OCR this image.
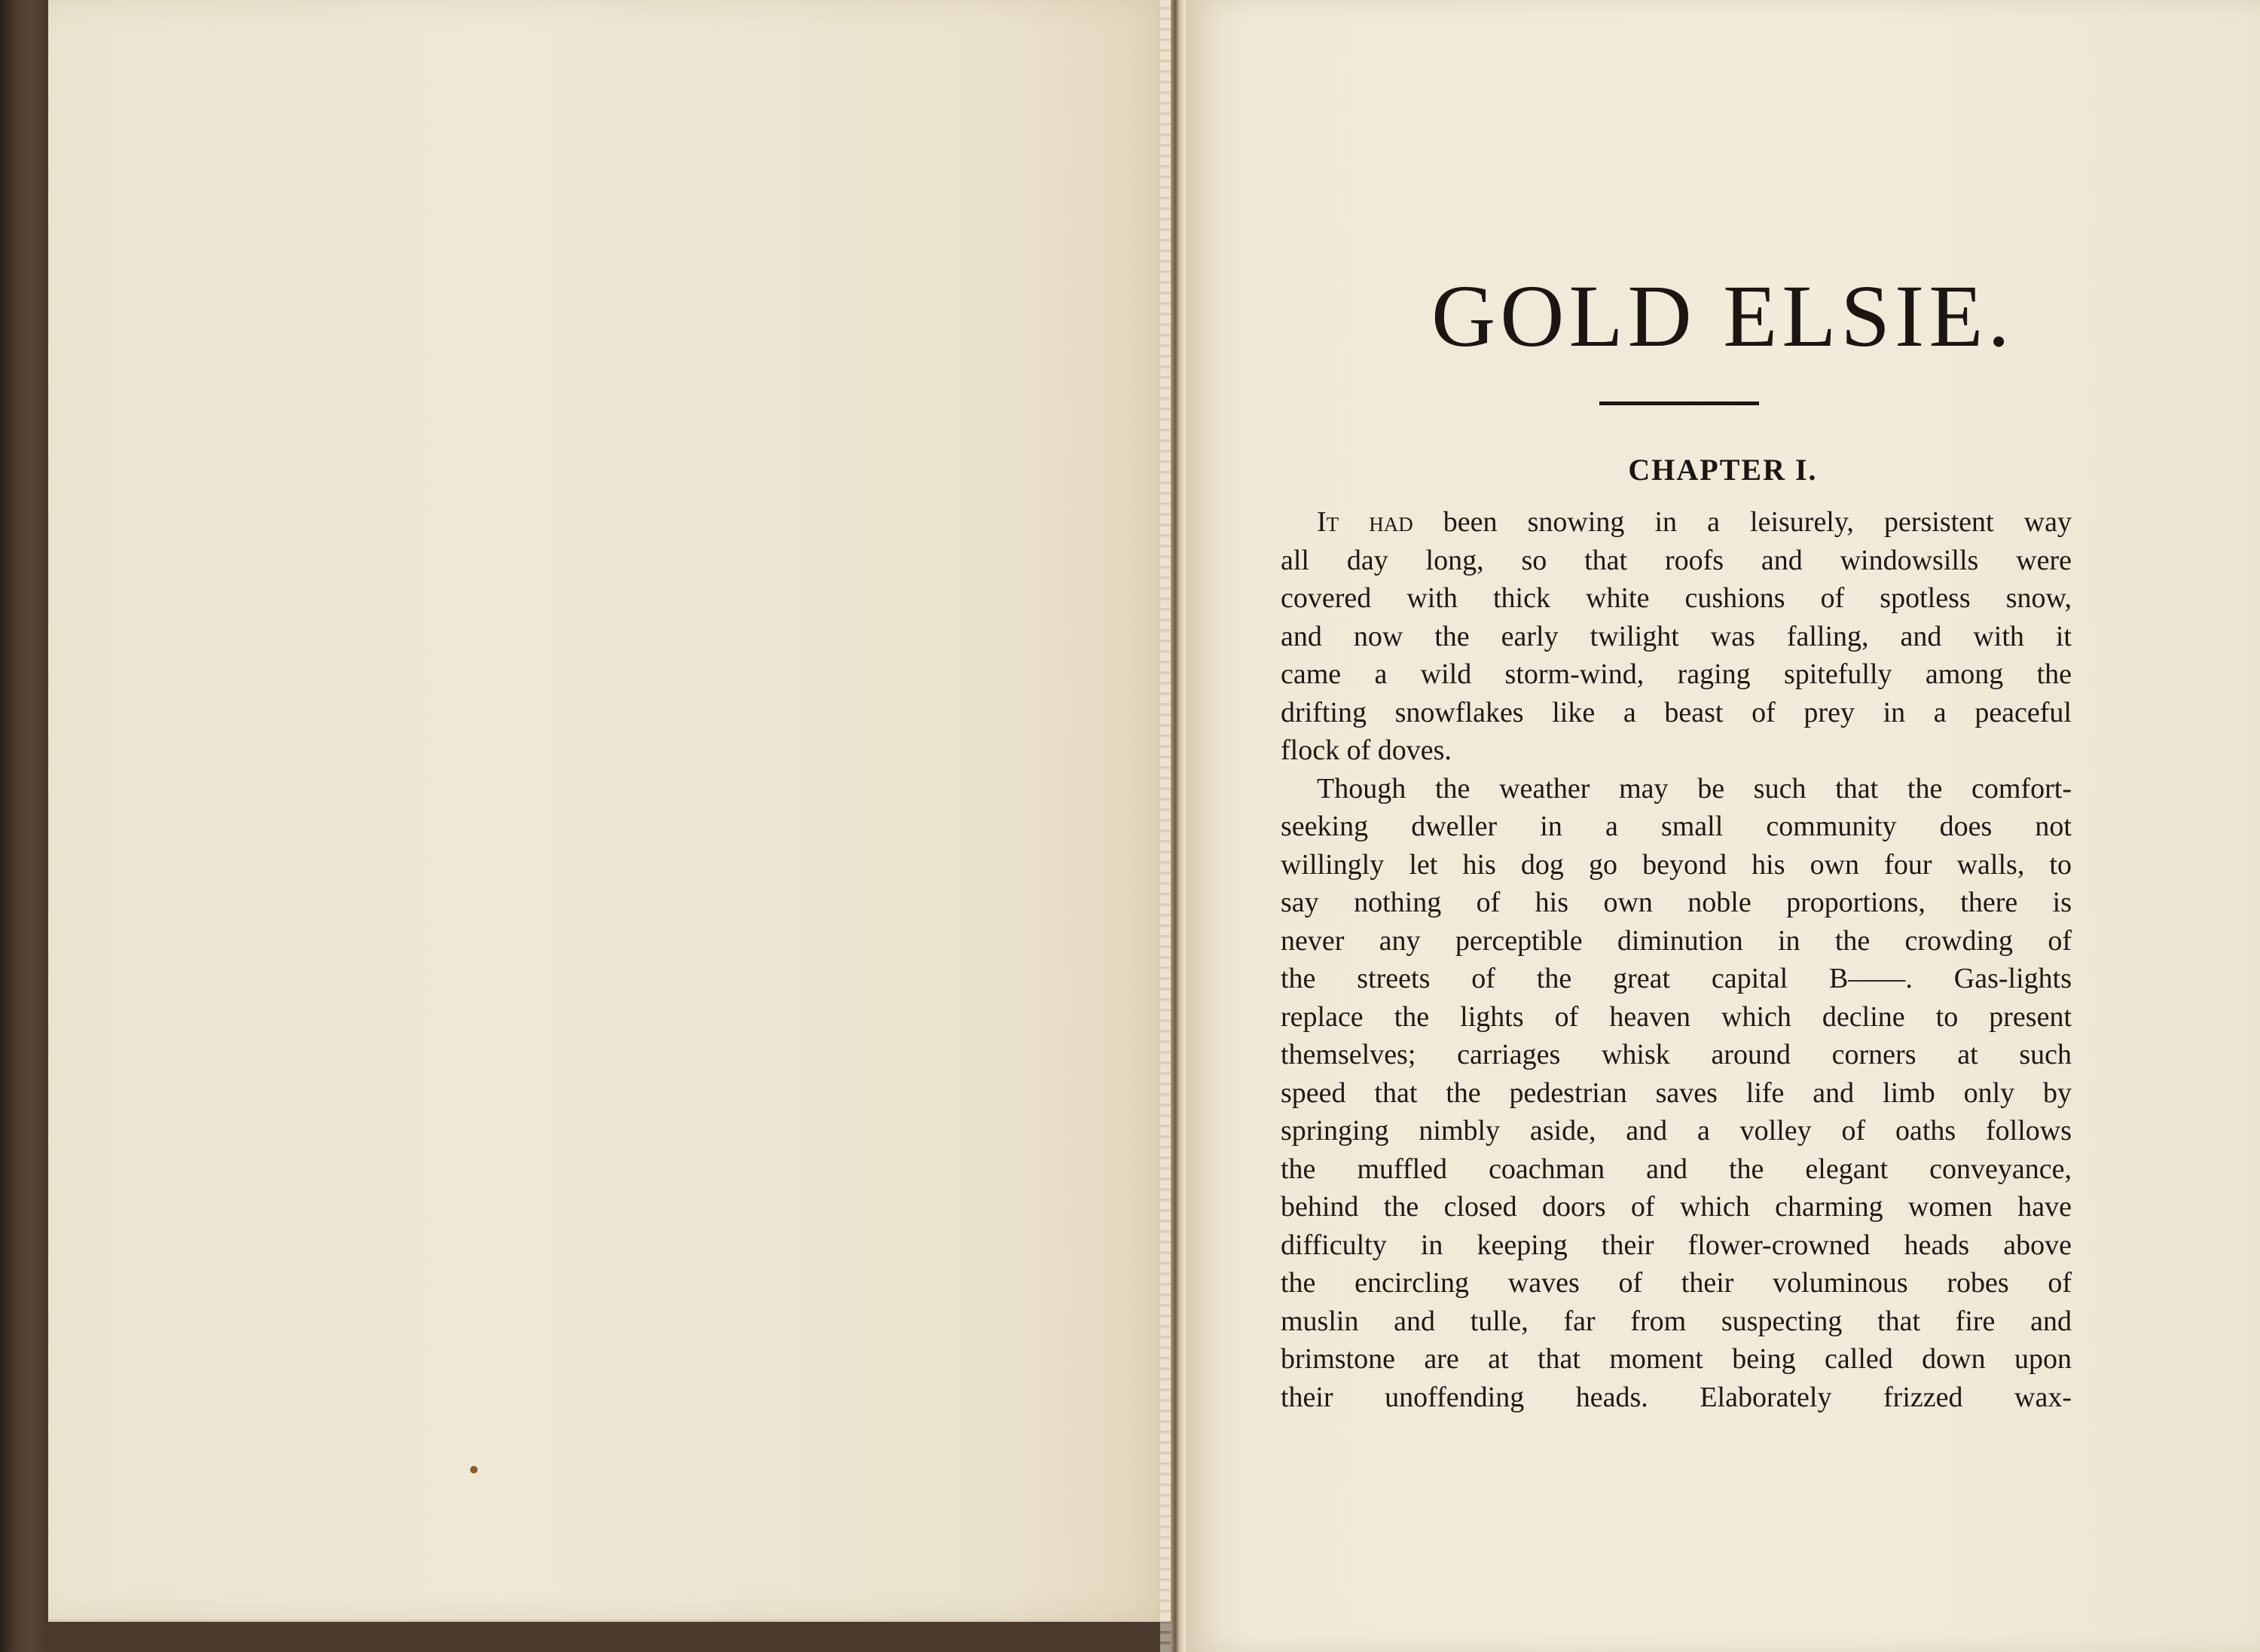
GOLD ELSIE.
CHAPTER I.
It had been snowing in a leisurely, persistent way
all day long, so that roofs and windowsills were
covered with thick white cushions of spotless snow,
and now the early twilight was falling, and with it
came a wild storm-wind, raging spitefully among the
drifting snowflakes like a beast of prey in a peaceful
flock of doves.
Though the weather may be such that the comfort-
seeking dweller in a small community does not
willingly let his dog go beyond his own four walls, to
say nothing of his own noble proportions, there is
never any perceptible diminution in the crowding of
the streets of the great capital B——. Gas-lights
replace the lights of heaven which decline to present
themselves; carriages whisk around corners at such
speed that the pedestrian saves life and limb only by
springing nimbly aside, and a volley of oaths follows
the muffled coachman and the elegant conveyance,
behind the closed doors of which charming women have
difficulty in keeping their flower-crowned heads above
the encircling waves of their voluminous robes of
muslin and tulle, far from suspecting that fire and
brimstone are at that moment being called down upon
their unoffending heads. Elaborately frizzed wax-
